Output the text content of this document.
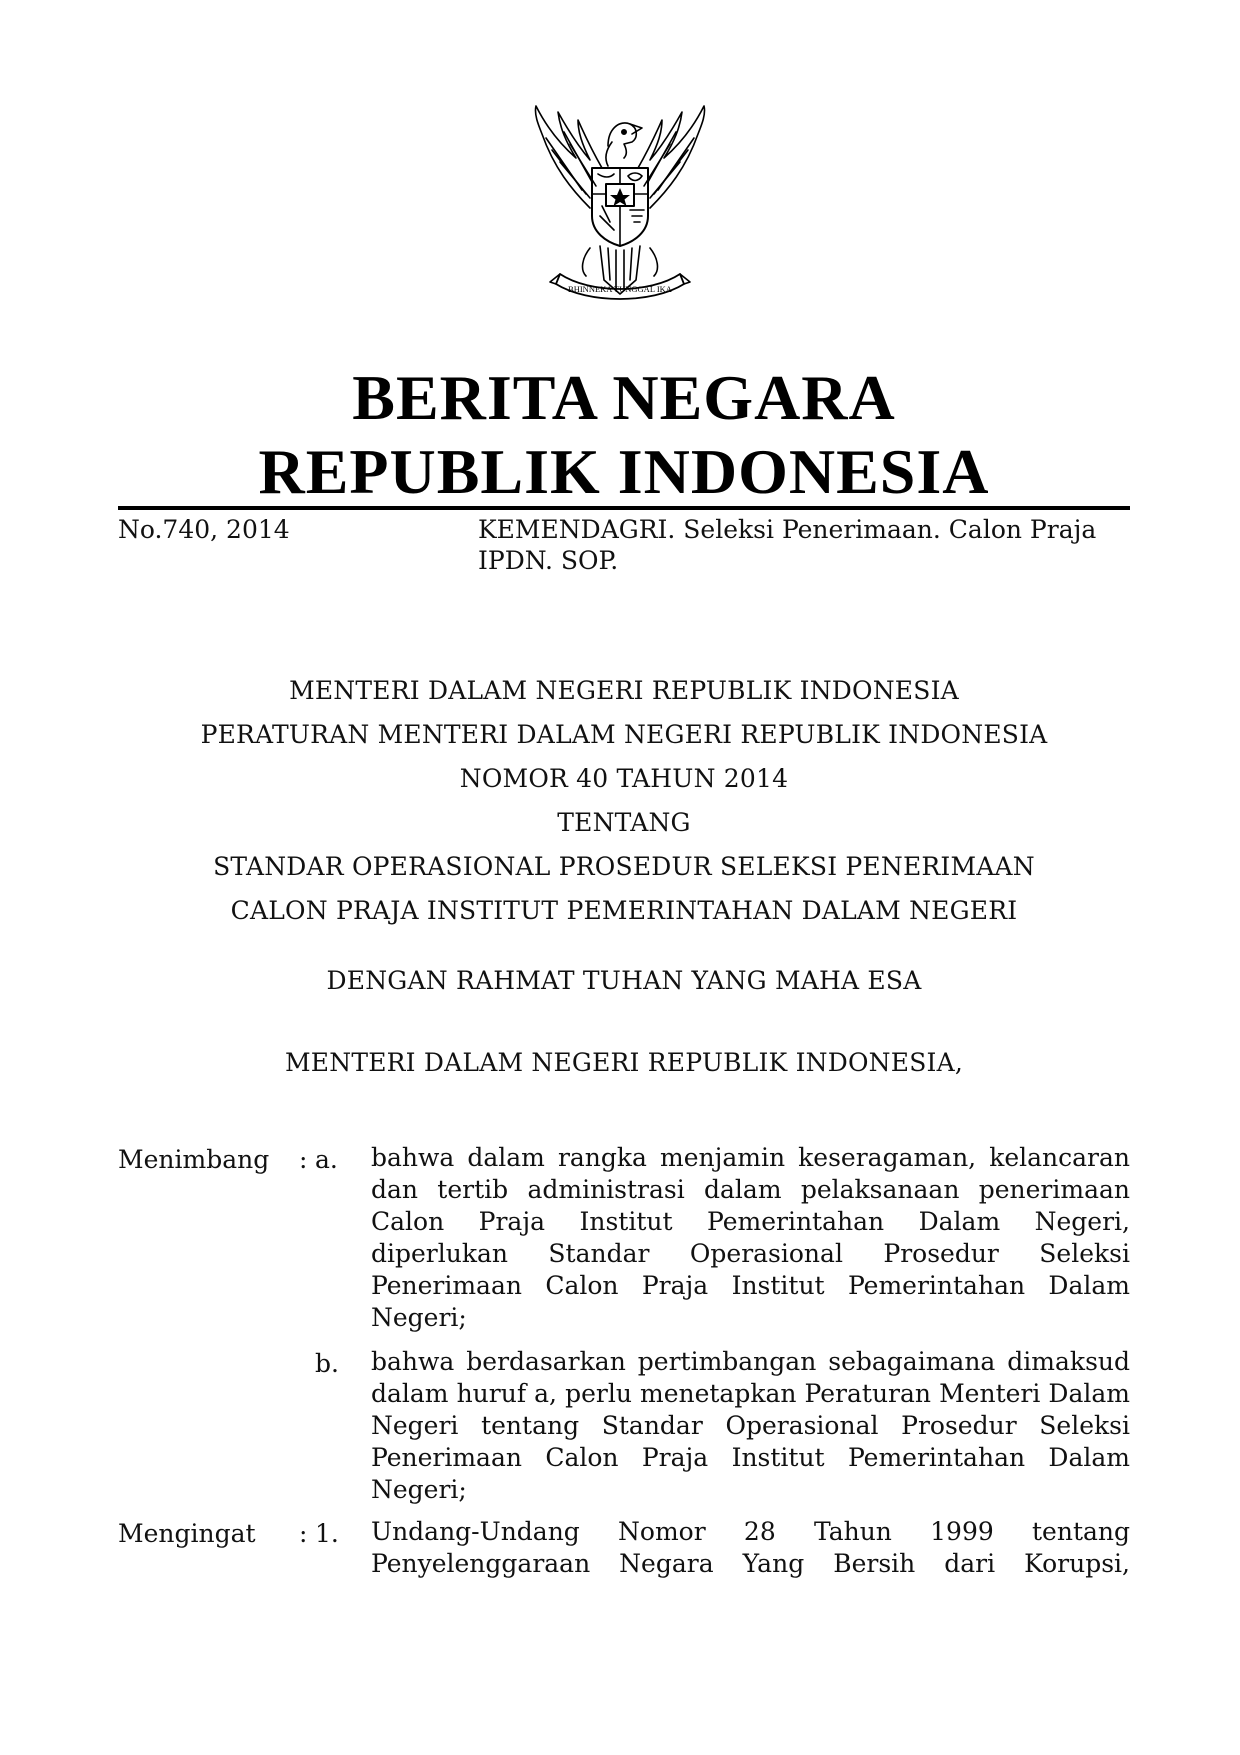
BHINNEKA TUNGGAL IKA
BERITA NEGARA
REPUBLIK INDONESIA
No.740, 2014	KEMENDAGRI. Seleksi Penerimaan. Calon Praja IPDN. SOP.
MENTERI DALAM NEGERI REPUBLIK INDONESIA
PERATURAN MENTERI DALAM NEGERI REPUBLIK INDONESIA
NOMOR 40 TAHUN 2014
TENTANG
STANDAR OPERASIONAL PROSEDUR SELEKSI PENERIMAAN
CALON PRAJA INSTITUT PEMERINTAHAN DALAM NEGERI
DENGAN RAHMAT TUHAN YANG MAHA ESA
MENTERI DALAM NEGERI REPUBLIK INDONESIA,
Menimbang : a. bahwa dalam rangka menjamin keseragaman, kelancaran dan tertib administrasi dalam pelaksanaan penerimaan Calon Praja Institut Pemerintahan Dalam Negeri, diperlukan Standar Operasional Prosedur Seleksi Penerimaan Calon Praja Institut Pemerintahan Dalam Negeri;
b. bahwa berdasarkan pertimbangan sebagaimana dimaksud dalam huruf a, perlu menetapkan Peraturan Menteri Dalam Negeri tentang Standar Operasional Prosedur Seleksi Penerimaan Calon Praja Institut Pemerintahan Dalam Negeri;
Mengingat : 1. Undang-Undang Nomor 28 Tahun 1999 tentang Penyelenggaraan Negara Yang Bersih dari Korupsi,
